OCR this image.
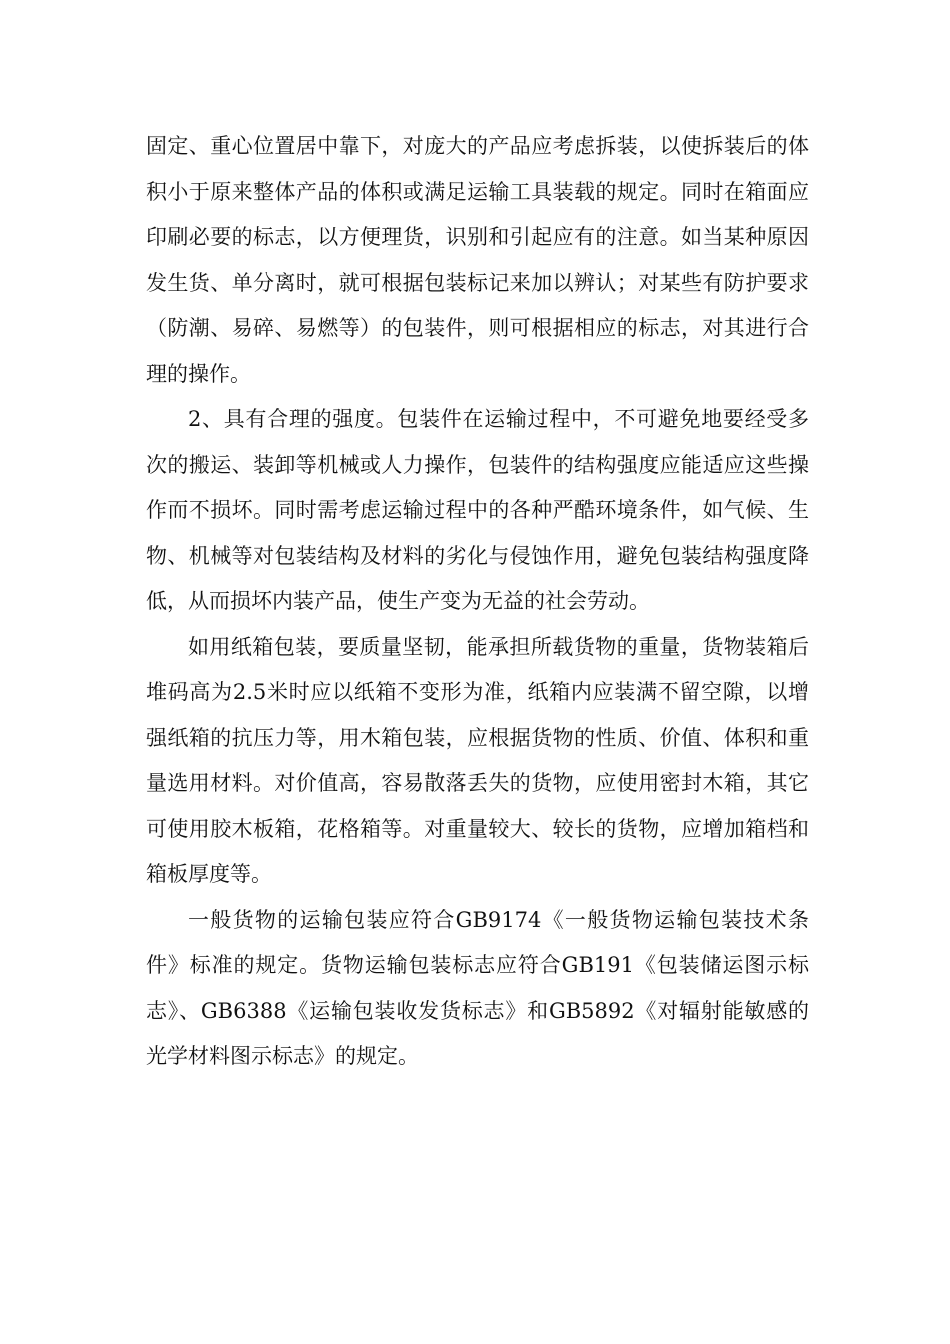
固定、重心位置居中靠下，对庞大的产品应考虑拆装，以使拆装后的体积小于原来整体产品的体积或满足运输工具装载的规定。同时在箱面应印刷必要的标志，以方便理货，识别和引起应有的注意。如当某种原因发生货、单分离时，就可根据包装标记来加以辨认；对某些有防护要求（防潮、易碎、易燃等）的包装件，则可根据相应的标志，对其进行合理的操作。

2、具有合理的强度。包装件在运输过程中，不可避免地要经受多次的搬运、装卸等机械或人力操作，包装件的结构强度应能适应这些操作而不损坏。同时需考虑运输过程中的各种严酷环境条件，如气候、生物、机械等对包装结构及材料的劣化与侵蚀作用，避免包装结构强度降低，从而损坏内装产品，使生产变为无益的社会劳动。

如用纸箱包装，要质量坚韧，能承担所载货物的重量，货物装箱后堆码高为2.5米时应以纸箱不变形为准，纸箱内应装满不留空隙，以增强纸箱的抗压力等，用木箱包装，应根据货物的性质、价值、体积和重量选用材料。对价值高，容易散落丢失的货物，应使用密封木箱，其它可使用胶木板箱，花格箱等。对重量较大、较长的货物，应增加箱档和箱板厚度等。

一般货物的运输包装应符合GB9174《一般货物运输包装技术条件》标准的规定。货物运输包装标志应符合GB191《包装储运图示标志》、GB6388《运输包装收发货标志》和GB5892《对辐射能敏感的光学材料图示标志》的规定。
